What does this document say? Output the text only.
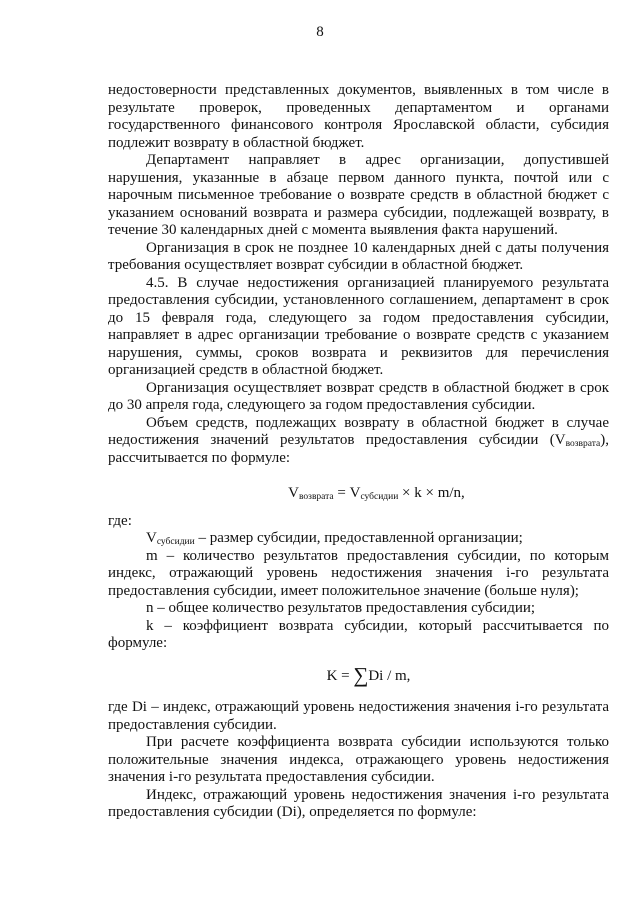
8

недостоверности представленных документов, выявленных в том числе в результате проверок, проведенных департаментом и органами государственного финансового контроля Ярославской области, субсидия подлежит возврату в областной бюджет.

Департамент направляет в адрес организации, допустившей нарушения, указанные в абзаце первом данного пункта, почтой или с нарочным письменное требование о возврате средств в областной бюджет с указанием оснований возврата и размера субсидии, подлежащей возврату, в течение 30 календарных дней с момента выявления факта нарушений.

Организация в срок не позднее 10 календарных дней с даты получения требования осуществляет возврат субсидии в областной бюджет.

4.5. В случае недостижения организацией планируемого результата предоставления субсидии, установленного соглашением, департамент в срок до 15 февраля года, следующего за годом предоставления субсидии, направляет в адрес организации требование о возврате средств с указанием нарушения, суммы, сроков возврата и реквизитов для перечисления организацией средств в областной бюджет.

Организация осуществляет возврат средств в областной бюджет в срок до 30 апреля года, следующего за годом предоставления субсидии.

Объем средств, подлежащих возврату в областной бюджет в случае недостижения значений результатов предоставления субсидии $(V_{возврата})$, рассчитывается по формуле:

$V_{возврата} = V_{субсидии} \times k \times m/n$,

где:

$V_{субсидии}$ – размер субсидии, предоставленной организации;

m – количество результатов предоставления субсидии, по которым индекс, отражающий уровень недостижения значения i-го результата предоставления субсидии, имеет положительное значение (больше нуля);

n – общее количество результатов предоставления субсидии;

k – коэффициент возврата субсидии, который рассчитывается по формуле:

K = ∑Di / m,

где Di – индекс, отражающий уровень недостижения значения i-го результата предоставления субсидии.

При расчете коэффициента возврата субсидии используются только положительные значения индекса, отражающего уровень недостижения значения i-го результата предоставления субсидии.

Индекс, отражающий уровень недостижения значения i-го результата предоставления субсидии (Di), определяется по формуле:
